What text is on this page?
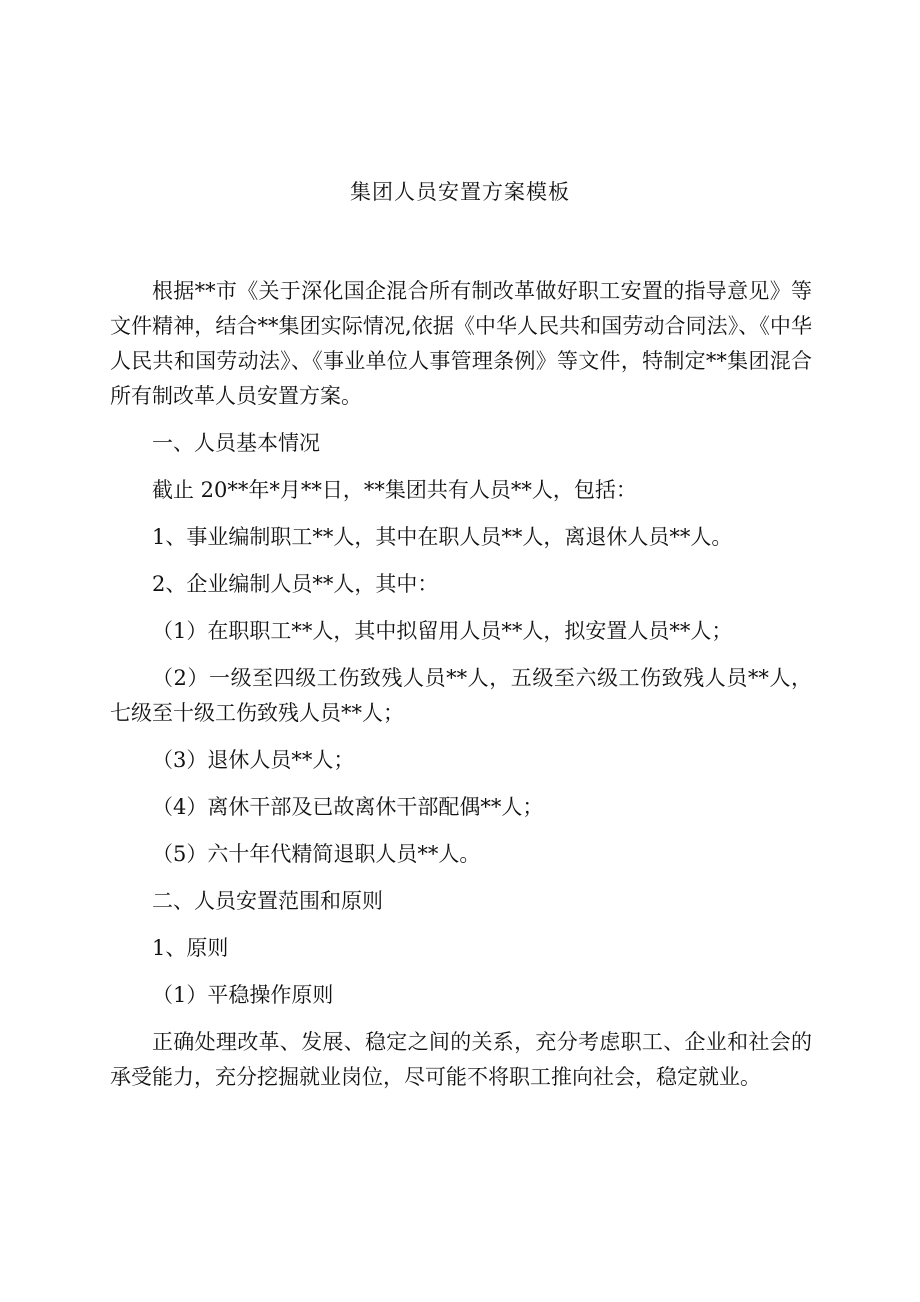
集团人员安置方案模板

根据**市《关于深化国企混合所有制改革做好职工安置的指导意见》等文件精神，结合**集团实际情况,依据《中华人民共和国劳动合同法》、《中华人民共和国劳动法》、《事业单位人事管理条例》等文件，特制定**集团混合所有制改革人员安置方案。

一、人员基本情况

截止 20**年*月**日，**集团共有人员**人，包括：

1、事业编制职工**人，其中在职人员**人，离退休人员**人。

2、企业编制人员**人，其中：

（1）在职职工**人，其中拟留用人员**人，拟安置人员**人；

（2）一级至四级工伤致残人员**人，五级至六级工伤致残人员**人，七级至十级工伤致残人员**人；

（3）退休人员**人；

（4）离休干部及已故离休干部配偶**人；

（5）六十年代精简退职人员**人。

二、人员安置范围和原则

1、原则

（1）平稳操作原则

正确处理改革、发展、稳定之间的关系，充分考虑职工、企业和社会的承受能力，充分挖掘就业岗位，尽可能不将职工推向社会，稳定就业。
